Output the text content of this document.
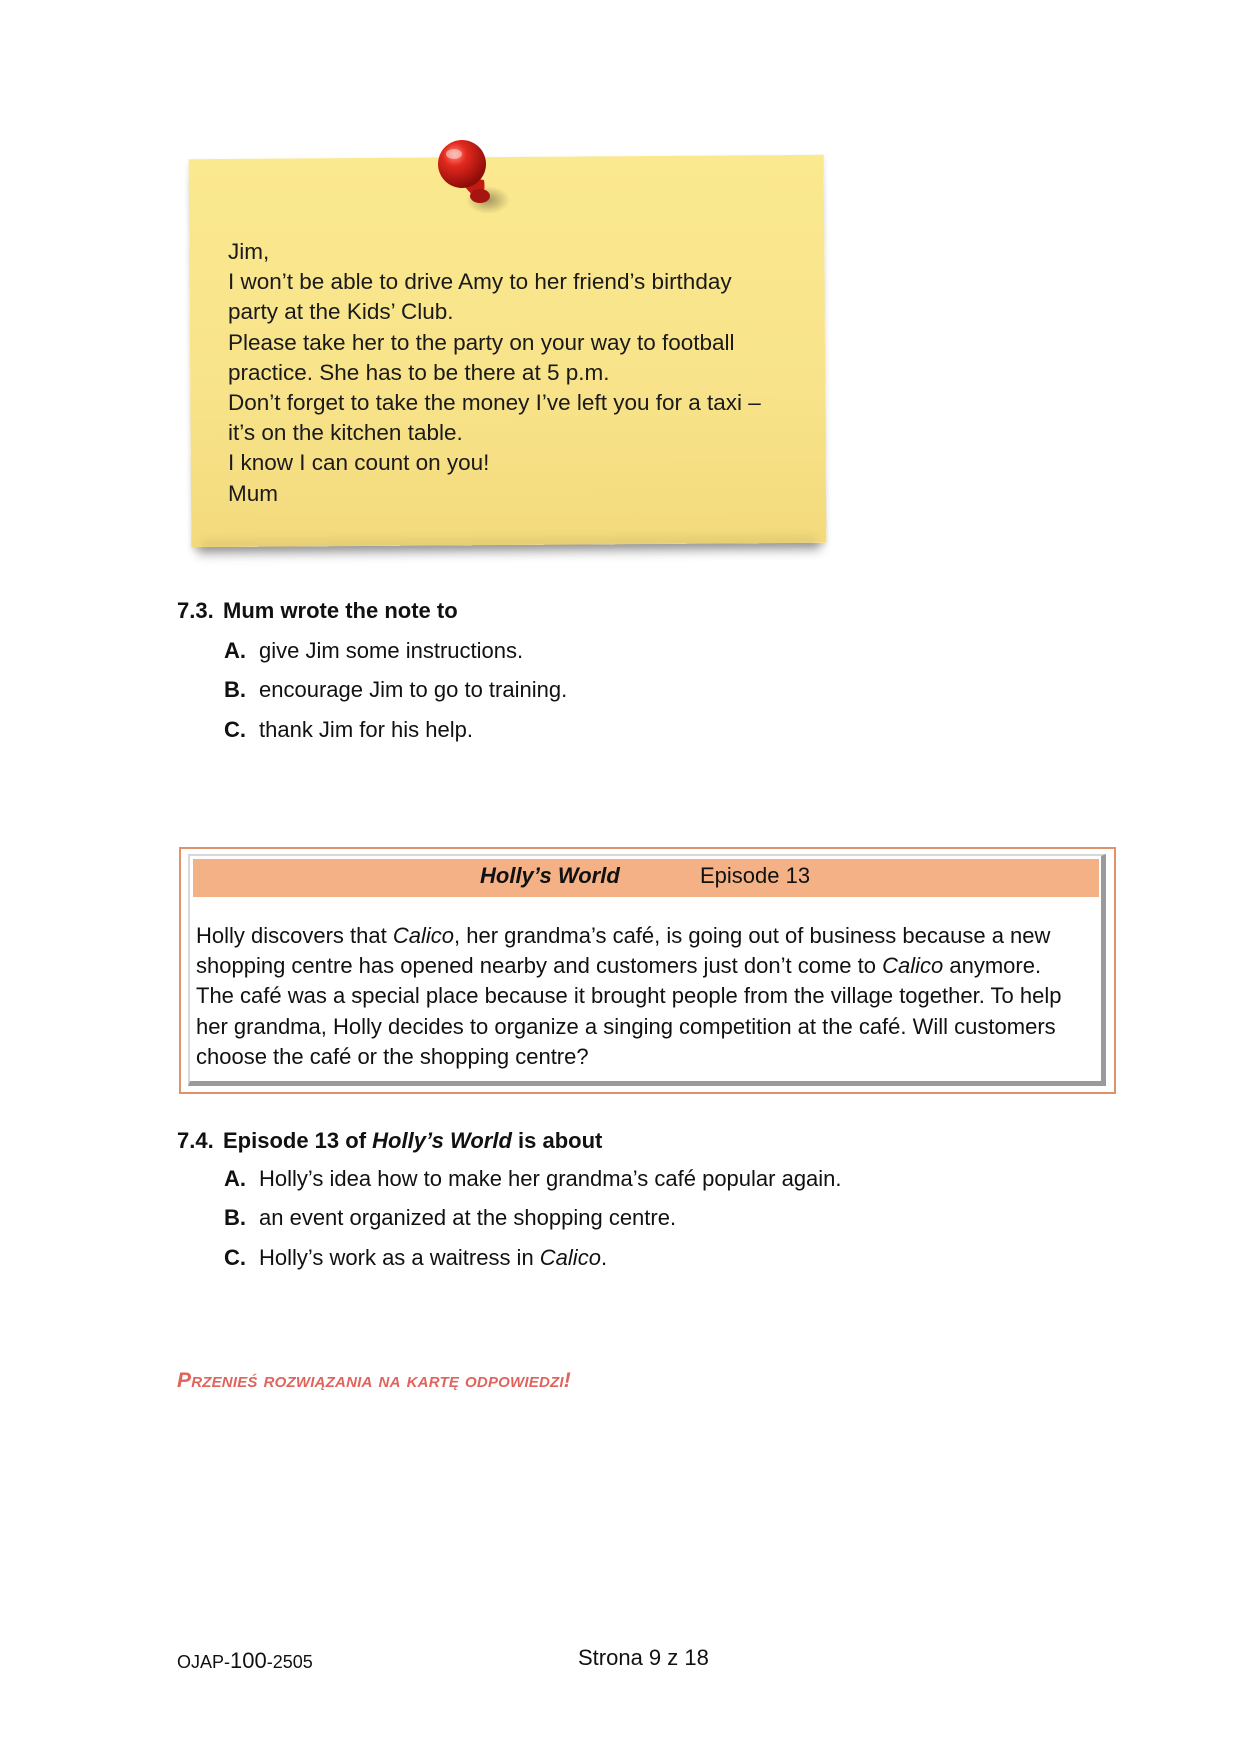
Jim,
I won’t be able to drive Amy to her friend’s birthday
party at the Kids’ Club.
Please take her to the party on your way to football
practice. She has to be there at 5 p.m.
Don’t forget to take the money I’ve left you for a taxi –
it’s on the kitchen table.
I know I can count on you!
Mum
7.3. Mum wrote the note to
A. give Jim some instructions.
B. encourage Jim to go to training.
C. thank Jim for his help.
Holly’s World	Episode 13
Holly discovers that Calico, her grandma’s café, is going out of business because a new
shopping centre has opened nearby and customers just don’t come to Calico anymore.
The café was a special place because it brought people from the village together. To help
her grandma, Holly decides to organize a singing competition at the café. Will customers
choose the café or the shopping centre?
7.4. Episode 13 of Holly’s World is about
A. Holly’s idea how to make her grandma’s café popular again.
B. an event organized at the shopping centre.
C. Holly’s work as a waitress in Calico.
Przenieś rozwiązania na kartę odpowiedzi!
OJAP-100-2505	Strona 9 z 18
